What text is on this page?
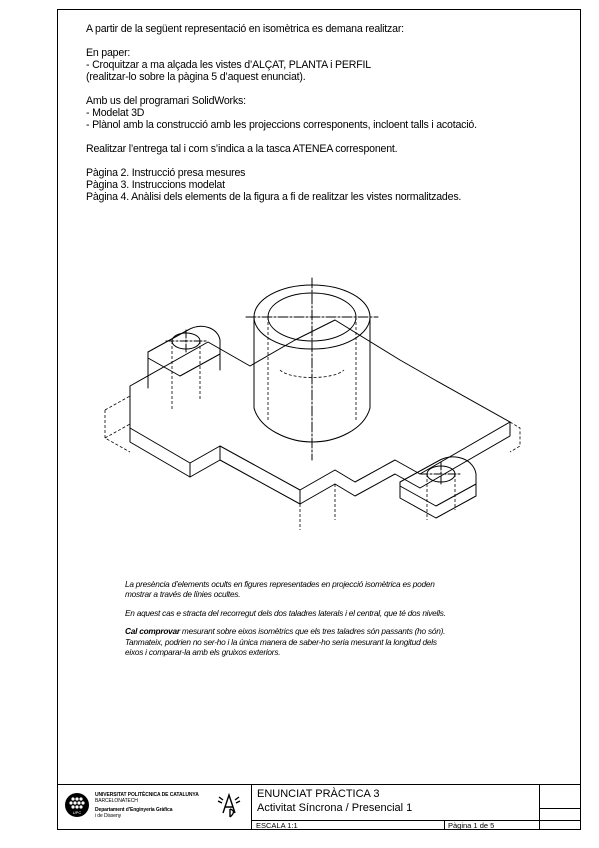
A partir de la següent representació en isomètrica es demana realitzar:

En paper:
- Croquitzar a ma alçada les vistes d’ALÇAT, PLANTA i PERFIL
(realitzar-lo sobre la pàgina 5 d’aquest enunciat).

Amb us del programari SolidWorks:
- Modelat 3D
- Plànol amb la construcció amb les projeccions corresponents, incloent talls i acotació.

Realitzar l’entrega tal i com s’indica a la tasca ATENEA corresponent.

Pàgina 2. Instrucció presa mesures
Pàgina 3. Instruccions modelat
Pàgina 4. Anàlisi dels elements de la figura a fi de realitzar les vistes normalitzades.

La presència d’elements ocults en figures representades en projecció isomètrica es poden
mostrar a través de línies ocultes.

En aquest cas e stracta del recorregut dels dos taladres laterals i el central, que té dos nivells.

Cal comprovar mesurant sobre eixos isomètrics que els tres taladres són passants (ho són).
Tanmateix, podrien no ser-ho i la única manera de saber-ho seria mesurant la longitud dels
eixos i comparar-la amb els gruixos exteriors.

UPC
UNIVERSITAT POLITÈCNICA DE CATALUNYA
BARCELONATECH
Departament d’Enginyeria Gràfica
i de Disseny
ENUNCIAT PRÀCTICA 3
Activitat Síncrona / Presencial 1
ESCALA 1:1	Pàgina 1 de 5
